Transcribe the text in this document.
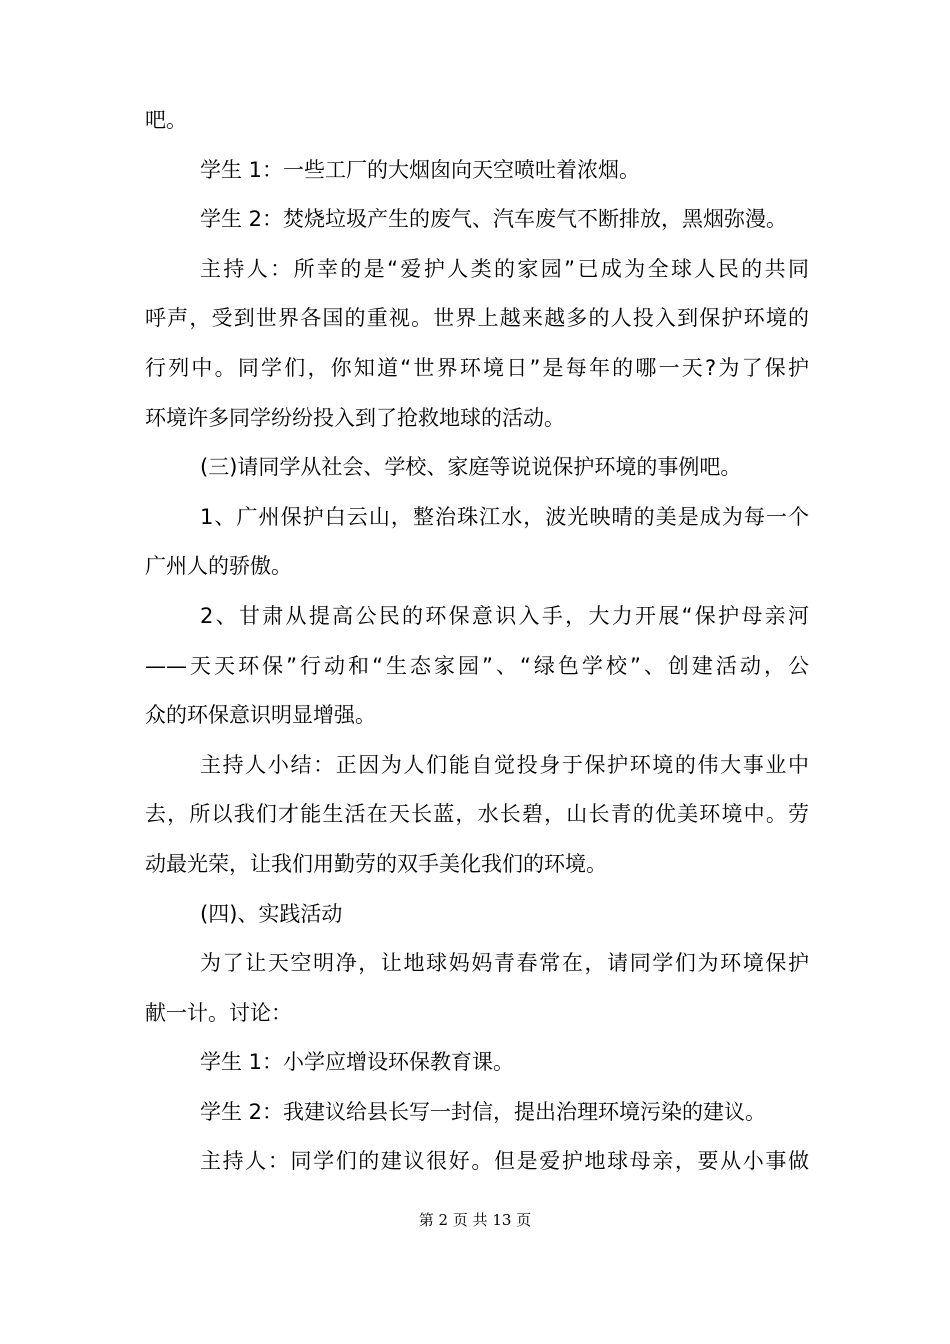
吧。
学生 1：一些工厂的大烟囱向天空喷吐着浓烟。
学生 2：焚烧垃圾产生的废气、汽车废气不断排放，黑烟弥漫。
主持人：所幸的是“爱护人类的家园”已成为全球人民的共同
呼声，受到世界各国的重视。世界上越来越多的人投入到保护环境的
行列中。同学们，你知道“世界环境日”是每年的哪一天?为了保护
环境许多同学纷纷投入到了抢救地球的活动。
(三)请同学从社会、学校、家庭等说说保护环境的事例吧。
1、广州保护白云山，整治珠江水，波光映晴的美是成为每一个
广州人的骄傲。
2、甘肃从提高公民的环保意识入手，大力开展“保护母亲河
——天天环保”行动和“生态家园”、“绿色学校”、创建活动，公
众的环保意识明显增强。
主持人小结：正因为人们能自觉投身于保护环境的伟大事业中
去，所以我们才能生活在天长蓝，水长碧，山长青的优美环境中。劳
动最光荣，让我们用勤劳的双手美化我们的环境。
(四)、实践活动
为了让天空明净，让地球妈妈青春常在，请同学们为环境保护
献一计。讨论：
学生 1：小学应增设环保教育课。
学生 2：我建议给县长写一封信，提出治理环境污染的建议。
主持人：同学们的建议很好。但是爱护地球母亲，要从小事做
第 2 页 共 13 页
